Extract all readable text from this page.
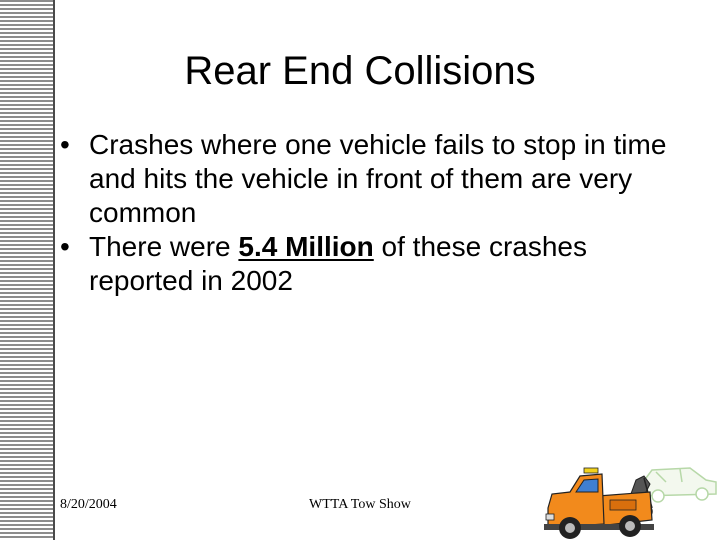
Rear End Collisions
• Crashes where one vehicle fails to stop in time and hits the vehicle in front of them are very common
• There were 5.4 Million of these crashes reported in 2002
8/20/2004	WTTA Tow Show
